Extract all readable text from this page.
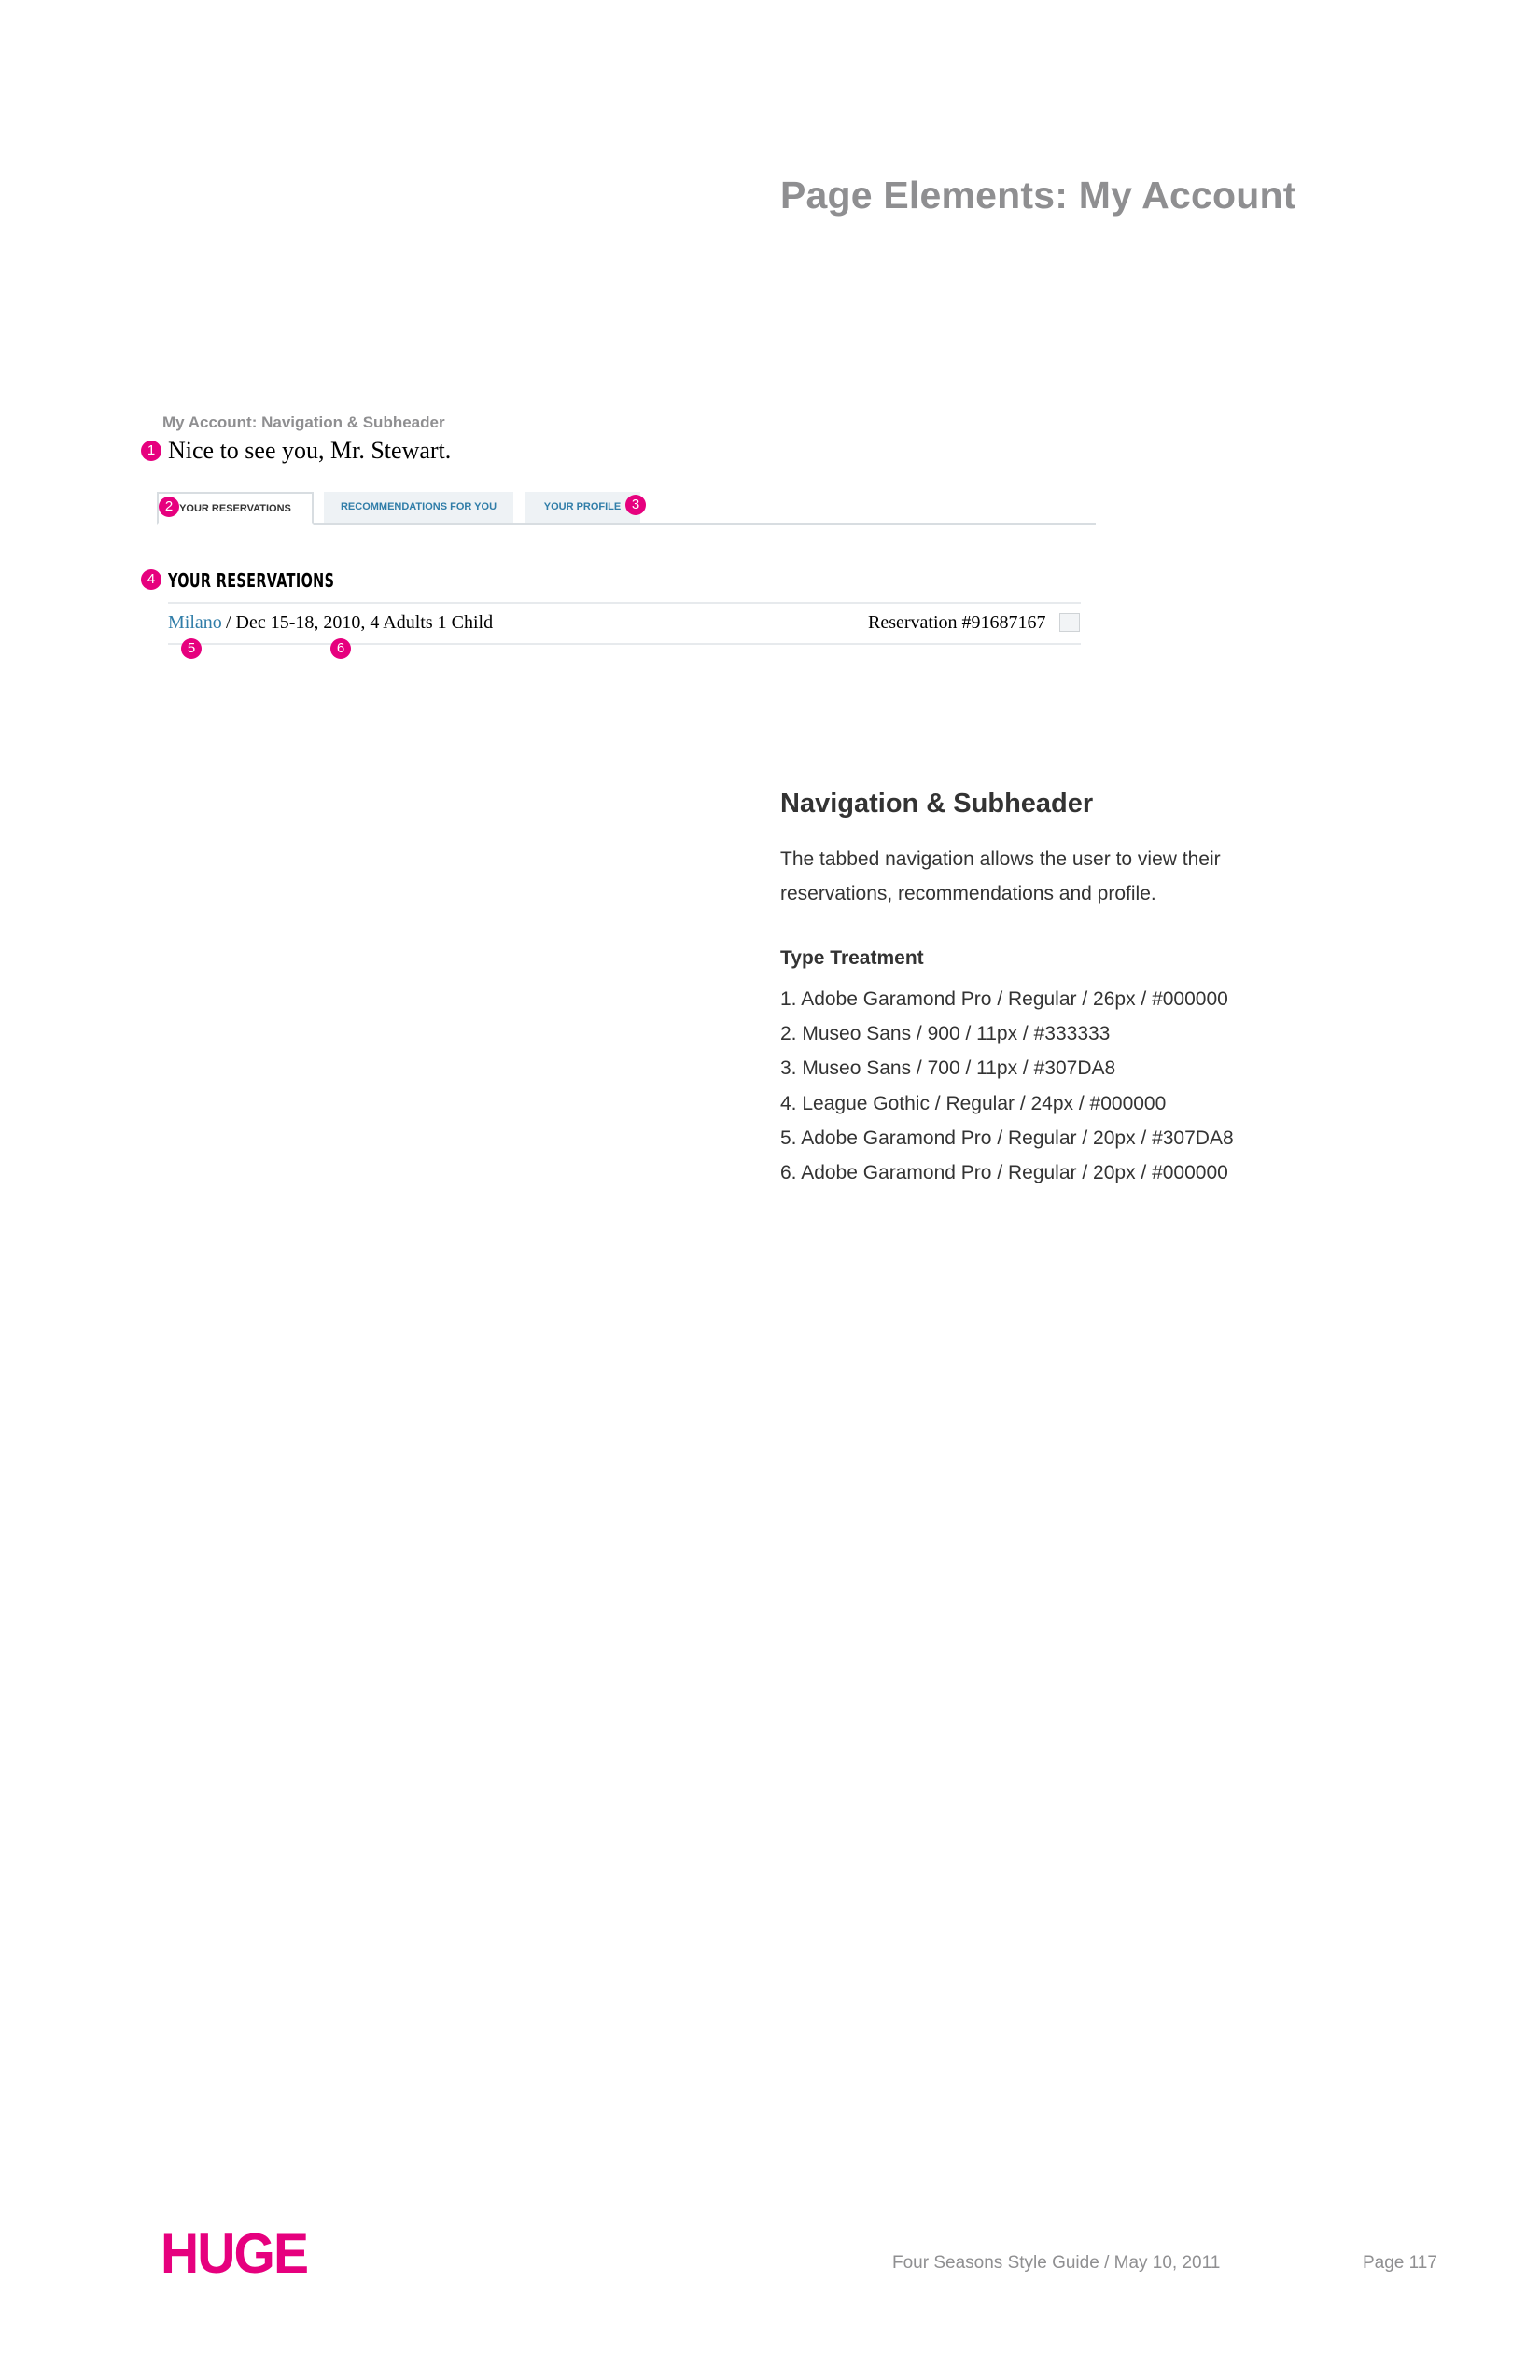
Page Elements: My Account
My Account: Navigation & Subheader
1 Nice to see you, Mr. Stewart.
YOUR RESERVATIONS	RECOMMENDATIONS FOR YOU	YOUR PROFILE
2	3
4 YOUR RESERVATIONS
Milano / Dec 15-18, 2010, 4 Adults 1 Child	Reservation #91687167	–
5	6
Navigation & Subheader
The tabbed navigation allows the user to view their reservations, recommendations and profile.
Type Treatment
1. Adobe Garamond Pro / Regular / 26px / #000000
2. Museo Sans / 900 / 11px / #333333
3. Museo Sans / 700 / 11px / #307DA8
4. League Gothic / Regular / 24px / #000000
5. Adobe Garamond Pro / Regular / 20px / #307DA8
6. Adobe Garamond Pro / Regular / 20px / #000000
HUGE	Four Seasons Style Guide / May 10, 2011	Page 117
